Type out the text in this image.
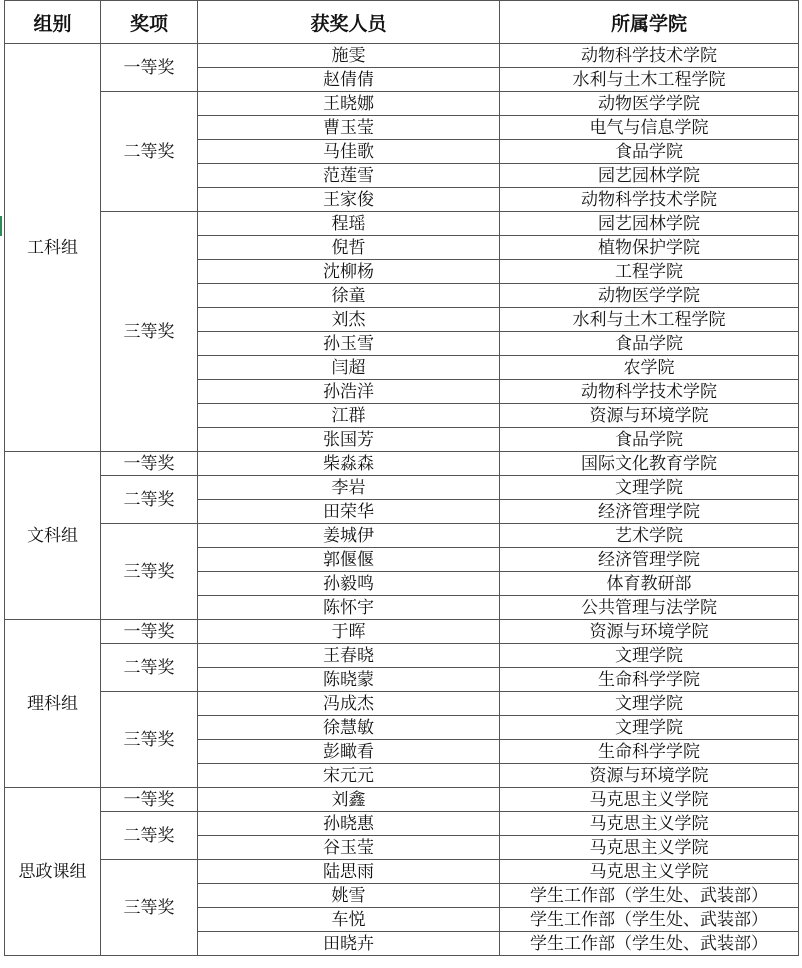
组别	奖项	获奖人员	所属学院
工科组	一等奖	施雯	动物科学技术学院
		赵倩倩	水利与土木工程学院
	二等奖	王晓娜	动物医学学院
		曹玉莹	电气与信息学院
		马佳歌	食品学院
		范莲雪	园艺园林学院
		王家俊	动物科学技术学院
	三等奖	程瑶	园艺园林学院
		倪哲	植物保护学院
		沈柳杨	工程学院
		徐童	动物医学学院
		刘杰	水利与土木工程学院
		孙玉雪	食品学院
		闫超	农学院
		孙浩洋	动物科学技术学院
		江群	资源与环境学院
		张国芳	食品学院
文科组	一等奖	柴淼森	国际文化教育学院
	二等奖	李岩	文理学院
		田荣华	经济管理学院
	三等奖	姜城伊	艺术学院
		郭偃偃	经济管理学院
		孙毅鸣	体育教研部
		陈怀宇	公共管理与法学院
理科组	一等奖	于晖	资源与环境学院
	二等奖	王春晓	文理学院
		陈晓蒙	生命科学学院
	三等奖	冯成杰	文理学院
		徐慧敏	文理学院
		彭瞰看	生命科学学院
		宋元元	资源与环境学院
思政课组	一等奖	刘鑫	马克思主义学院
	二等奖	孙晓惠	马克思主义学院
		谷玉莹	马克思主义学院
	三等奖	陆思雨	马克思主义学院
		姚雪	学生工作部（学生处、武装部）
		车悦	学生工作部（学生处、武装部）
		田晓卉	学生工作部（学生处、武装部）
